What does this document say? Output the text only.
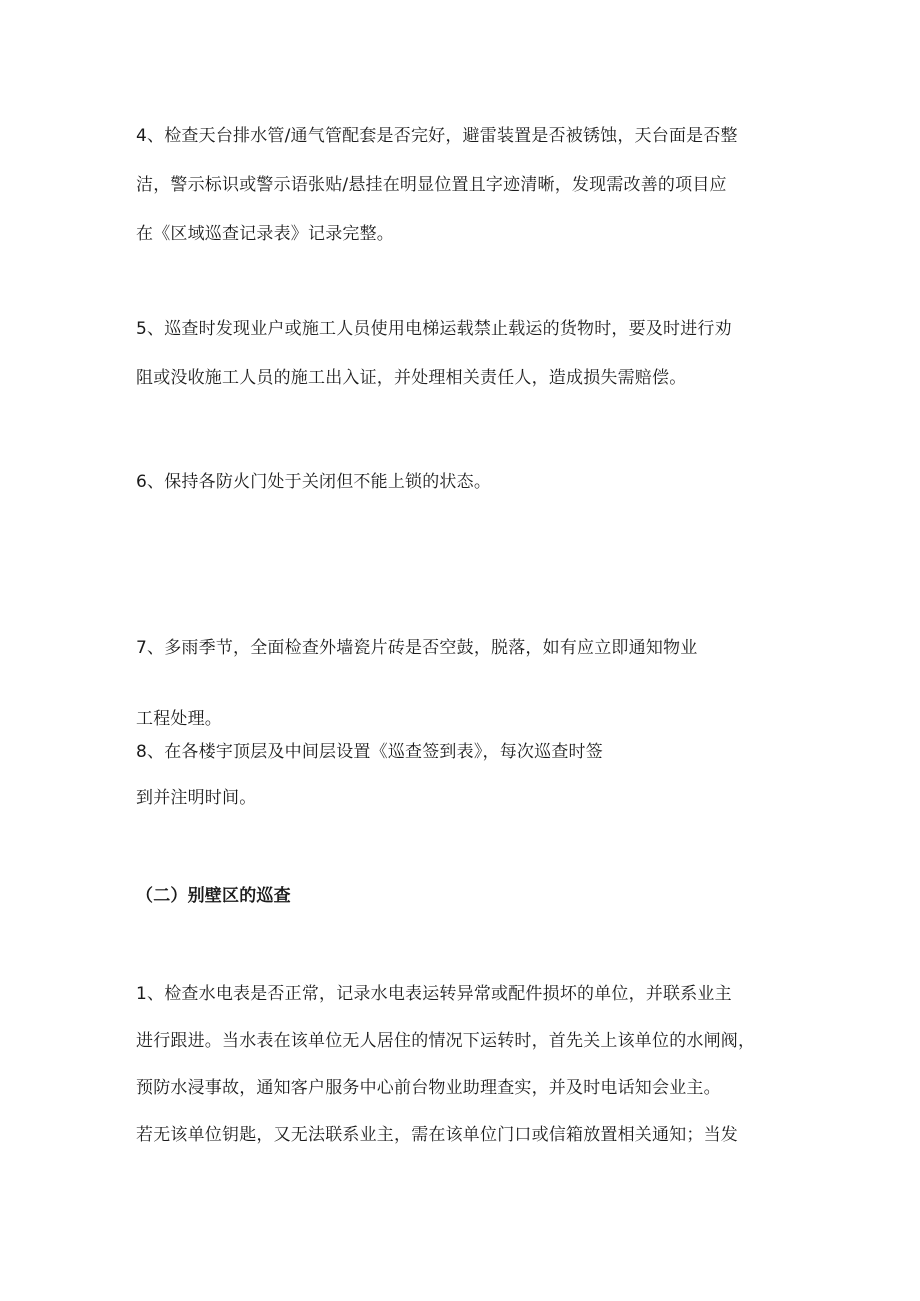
4、检查天台排水管/通气管配套是否完好，避雷装置是否被锈蚀，天台面是否整
洁，警示标识或警示语张贴/悬挂在明显位置且字迹清晰，发现需改善的项目应
在《区域巡查记录表》记录完整。
5、巡查时发现业户或施工人员使用电梯运载禁止载运的货物时，要及时进行劝
阻或没收施工人员的施工出入证，并处理相关责任人，造成损失需赔偿。
6、保持各防火门处于关闭但不能上锁的状态。
7、多雨季节，全面检查外墙瓷片砖是否空鼓，脱落，如有应立即通知物业
工程处理。
8、在各楼宇顶层及中间层设置《巡查签到表》，每次巡查时签
到并注明时间。
（二）别壁区的巡查
1、检查水电表是否正常，记录水电表运转异常或配件损坏的单位，并联系业主
进行跟进。当水表在该单位无人居住的情况下运转时，首先关上该单位的水闸阀，
预防水浸事故，通知客户服务中心前台物业助理查实，并及时电话知会业主。
若无该单位钥匙，又无法联系业主，需在该单位门口或信箱放置相关通知；当发
